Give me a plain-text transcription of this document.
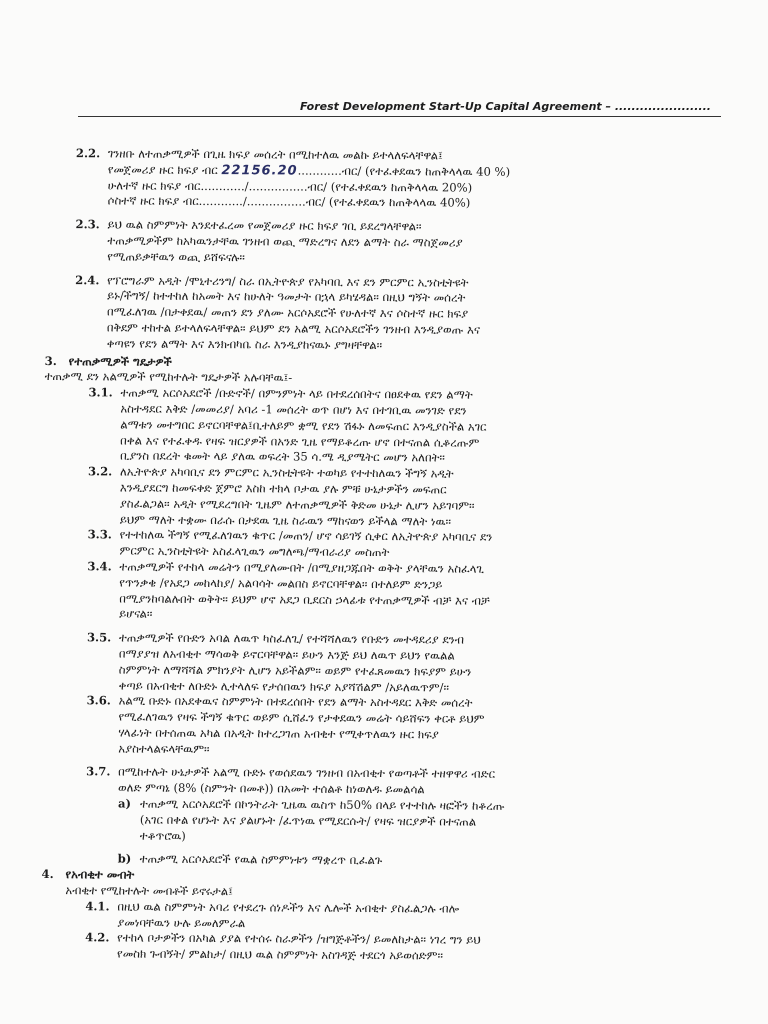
Forest Development Start-Up Capital Agreement – .......................
2.2. ገንዘቡ ለተጠቃሚዎች በጊዜ ክፍያ መሰረት በሚከተለዉ መልኩ ይተላለፍላቸዋል፤
የመጀመሪያ ዙር ክፍያ ብር 22156.20............ብር/ (የተፈቀደዉን ከጠቅላላዉ 40 %)
ሁለተኛ ዙር ክፍያ ብር............/................ብር/ (የተፈቀደዉን ከጠቅላላዉ 20%)
ሶስተኛ ዙር ክፍያ ብር............/................ብር/ (የተፈቀደዉን ከጠቅላላዉ 40%)
2.3. ይህ ዉል ስምምነት እንደተፈረመ የመጀመሪያ ዙር ክፍያ ገቢ ይደረግላቸዋል፡፡
ተጠቃሚዎችም ከአካዉንታቸዉ ገንዘብ ወጪ ማድረግና ለደን ልማት ስራ ማስጀመሪያ
የሚጠይቃቸዉን ወጪ ይሸፍናሉ፡፡
2.4. የፕሮግራም አዲት /ሞኒተሪንግ/ ስራ በኢትዮጵያ የአካባቢ እና ደን ምርምር ኢንስቲትዩት
ይኑ/ችግኝ/ ከተተከለ ከአመት እና ከሁለት ዓመታት በኋላ ይካሄዳል፡፡ በዚህ ግኝት መሰረት
በሚፈለገዉ /በታቀደዉ/ መጠን ደን ያለሙ አርሶአደሮች የሁለተኛ እና ሶስተኛ ዙር ክፍያ
በቅደም ተከተል ይተላለፍላቸዋል፡፡ ይህም ደን አልሚ አርሶአደሮችን ገንዘብ እንዲያወጡ እና
ቀጣዩን የደን ልማት እና እንክብካቤ ስራ እንዲያከናዉኑ ያግዛቸዋል፡፡
3.	የተጠቃሚዎች ግዴታዎች
ተጠቃሚ ደን አልሚዎች የሚከተሉት ግዴታዎች አሉባቸዉ፤-
3.1. ተጠቃሚ አርሶአደሮች /ቡድኖች/ በምንምነት ላይ በተደረሰበትና በፀደቀዉ የደን ልማት
አስተዳደር እቅድ /መመሪያ/ አባሪ -1 መሰረት ወጥ በሆነ እና በተገቢዉ መንገድ የደን
ልማቱን መተግበር ይኖርባቸዋል፤ቢተለይም ቋሚ የደን ሽፋኑ ለመፍጠር እንዲያስችል አገር
በቀል እና የተፈቀዱ የዛፍ ዝርያዎች በአንድ ጊዜ የማይቆረጡ ሆኖ በተናጠል ሲቆረጡም
ቢያንስ በደረት ቁመት ላይ ያለዉ ወፍረት 35 ሳ.ሜ ዲያሜትር መሆን አለበት፡፡
3.2. ለኢትዮጵያ አካባቢና ደን ምርምር ኢንስቲትዩት ተወካይ የተተከለዉን ችግኝ አዲት
እንዲያደርግ ከመፍቀድ ጀምሮ እስከ ተክላ ቦታዉ ያሉ ምቹ ሁኔታዎችን መፍጠር
ያስፈልጋል፡፡ አዲት የሚደረግበት ጊዜም ለተጠቃሚዎች ቅድመ ሁኔታ ሊሆን አይገባም፡፡
ይህም ማለት ተቋሙ በራሱ በታደዉ ጊዜ ስራዉን ማከናወን ይችላል ማለት ነዉ፡፡
3.3. የተተከለዉ ችግኝ የሚፈለገዉን ቁጥር /መጠን/ ሆኖ ሳይገኝ ሲቀር ለኢትዮጵያ አካባቢና ደን
ምርምር ኢንስቲትዩት አስፈላጊዉን መግለጫ/ማብራሪያ መስጠት
3.4. ተጠቃሚዎች የተከላ መሬትን በሚያለሙበት /በሚያዘጋጁበት ወቅት ያላቸዉን አስፈላጊ
የጥንቃቄ /የአደጋ መከላከያ/ አልባሳት መልበስ ይኖርባቸዋል፡፡ በተለይም ድንጋይ
በሚያንከባልሉበት ወቅት፡፡ ይህም ሆኖ አደጋ ቢደርስ ኃላፊቱ የተጠቃሚዎች ብቻ እና ብቻ
ይሆናል፡፡
3.5. ተጠቃሚዎች የቡድን አባል ለዉጥ ካስፈለጊ/ የተሻሻለዉን የቡድን መተዳደሪያ ደንብ
በማያያዝ ለአብቂተ ማሳወቅ ይኖርባቸዋል፡፡ ይሁን እንጅ ይህ ለዉጥ ይህን የዉልል
ስምምነት ለማሻሻል ምክንያት ሊሆን አይችልም፡፡ ወይም የተፈጸመዉን ክፍያም ይሁን
ቀጣይ በአብቂተ ለቡድኑ ሊተላለፍ የታሰበዉን ክፍያ አያሻሽልም /አይለዉጥም/፡፡
3.6. አልሚ ቡድኑ በአደቀዉና ስምምነት በተደረሰበት የደን ልማት አስተዳደር እቅድ መሰረት
የሚፈለገዉን የዛፍ ችግኝ ቁጥር ወይም ሲሸፈን የታቀደዉን መሬት ሳይሸፍን ቀርቶ ይህም
ሃላፊነት በተሰጠዉ አካል በአዲት ከተረጋገጠ አብቂተ የሚቀጥለዉን ዙር ክፍያ
አያስተላልፍላቸዉም፡፡
3.7. በሚከተሉት ሁኔታዎች አልሚ ቡድኑ የወሰደዉን ገንዘብ በአብቂተ የወጣቶች ተዘዋዋሪ ብድር
ወለድ ምጣኔ (8% (ስምንት በመቶ)) በአመት ተሰልቶ ከነወለዱ ይመልሳል
a) ተጠቃሚ አርሶአደሮች በኮንትራት ጊዜዉ ዉስጥ ከ50% በላይ የተተከሉ ዛፎችን ከቆረጡ
(አገር በቀል የሆኑት እና ያልሆኑት /ፈጥነዉ የሚደርሱት/ የዛፍ ዝርያዎች በተናጠል
ተቆጥሮዉ)
b) ተጠቃሚ አርሶአደሮች የዉል ስምምነቱን ማቋረጥ ቢፈልጉ
4.	የአብቂተ መብት
አብቂተ የሚከተሉት መብቶች ይኖሩታል፤
4.1. በዚህ ዉል ስምምነት አባሪ የተደረጉ ሰነዶችን እና ሌሎች አብቂተ ያስፈልጋሉ ብሎ
ያመነባቸዉን ሁሉ ይመለምራል
4.2. የተከላ ቦታዎችን በአካል ያያል የተሰሩ ስራዎችን /ዝግጅቶችን/ ይመለከታል፡፡ ነገረ ግን ይህ
የመስክ ጉብኝት/ ምልከታ/ በዚህ ዉል ስምምነት አስገዳጅ ተደርጎ አይወሰድም፡፡
